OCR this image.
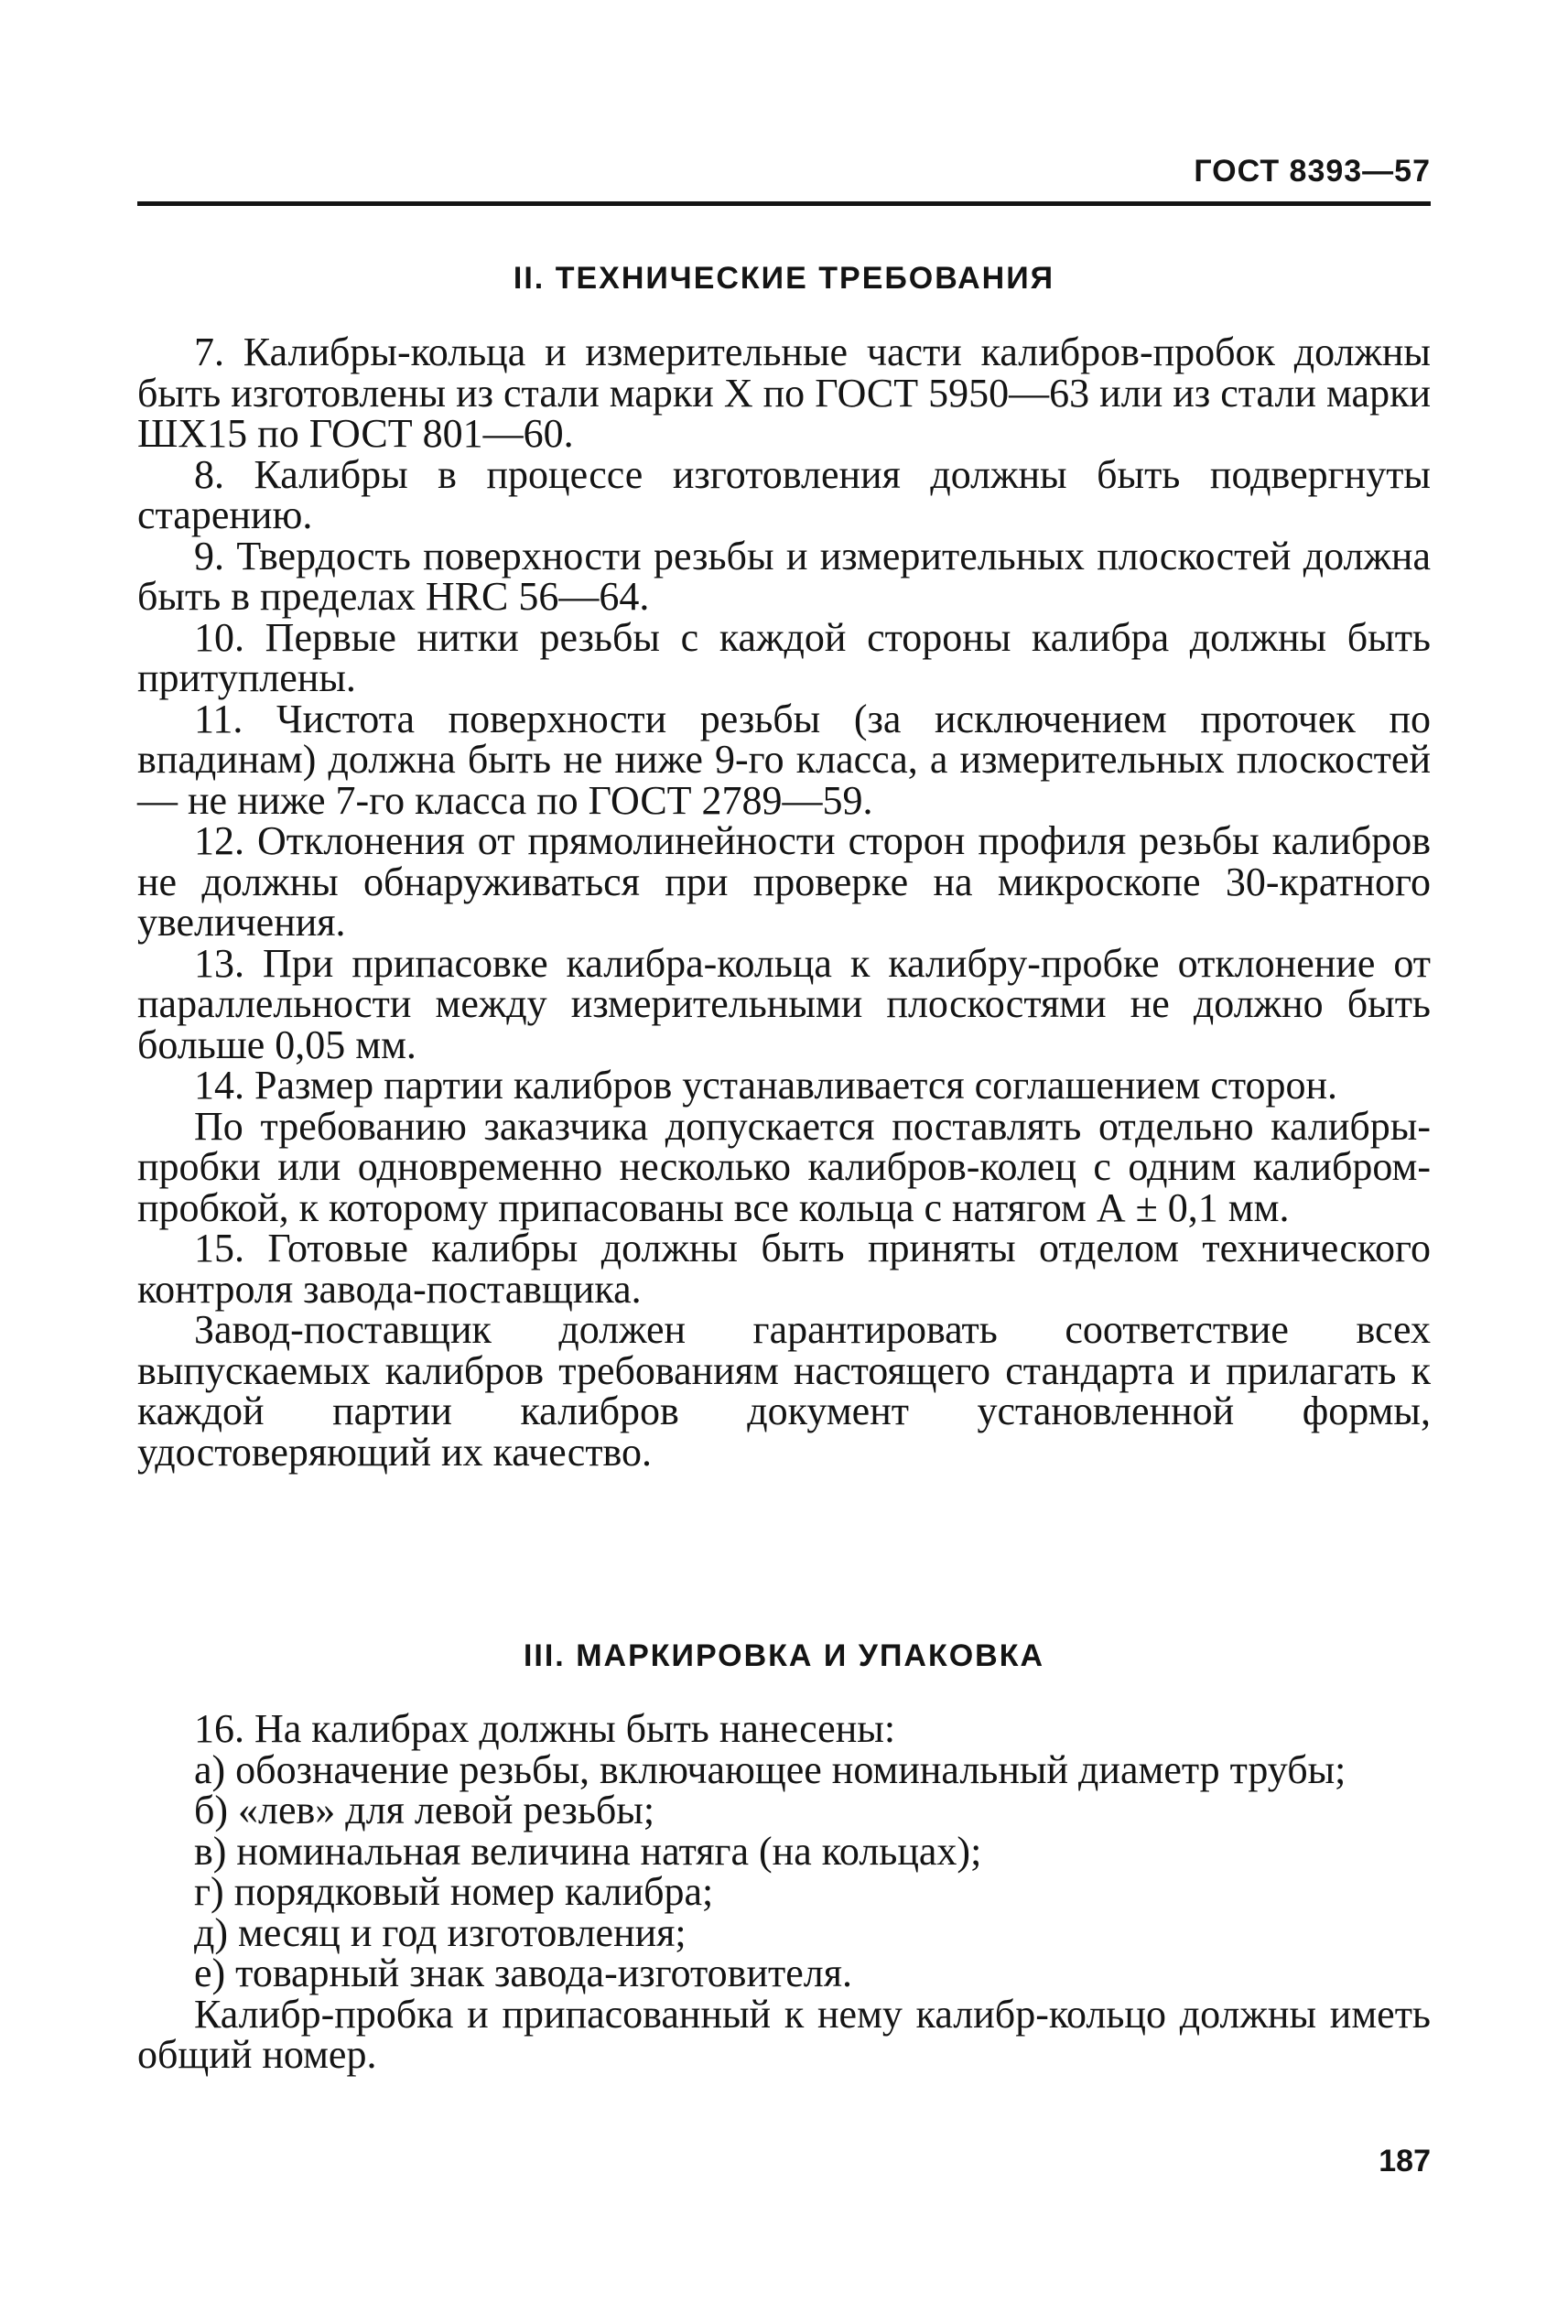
ГОСТ 8393—57
II. ТЕХНИЧЕСКИЕ ТРЕБОВАНИЯ

7. Калибры-кольца и измерительные части калибров-пробок должны быть изготовлены из стали марки Х по ГОСТ 5950—63 или из стали марки ШХ15 по ГОСТ 801—60.

8. Калибры в процессе изготовления должны быть подвергнуты старению.

9. Твердость поверхности резьбы и измерительных плоскостей должна быть в пределах HRC 56—64.

10. Первые нитки резьбы с каждой стороны калибра должны быть притуплены.

11. Чистота поверхности резьбы (за исключением проточек по впадинам) должна быть не ниже 9-го класса, а измерительных плоскостей — не ниже 7-го класса по ГОСТ 2789—59.

12. Отклонения от прямолинейности сторон профиля резьбы калибров не должны обнаруживаться при проверке на микроскопе 30-кратного увеличения.

13. При припасовке калибра-кольца к калибру-пробке отклонение от параллельности между измерительными плоскостями не должно быть больше 0,05 мм.

14. Размер партии калибров устанавливается соглашением сторон.

По требованию заказчика допускается поставлять отдельно калибры-пробки или одновременно несколько калибров-колец с одним калибром-пробкой, к которому припасованы все кольца с натягом А ± 0,1 мм.

15. Готовые калибры должны быть приняты отделом технического контроля завода-поставщика.

Завод-поставщик должен гарантировать соответствие всех выпускаемых калибров требованиям настоящего стандарта и прилагать к каждой партии калибров документ установленной формы, удостоверяющий их качество.

III. МАРКИРОВКА И УПАКОВКА

16. На калибрах должны быть нанесены:

а) обозначение резьбы, включающее номинальный диаметр трубы;

б) «лев» для левой резьбы;

в) номинальная величина натяга (на кольцах);

г) порядковый номер калибра;

д) месяц и год изготовления;

е) товарный знак завода-изготовителя.

Калибр-пробка и припасованный к нему калибр-кольцо должны иметь общий номер.

187
